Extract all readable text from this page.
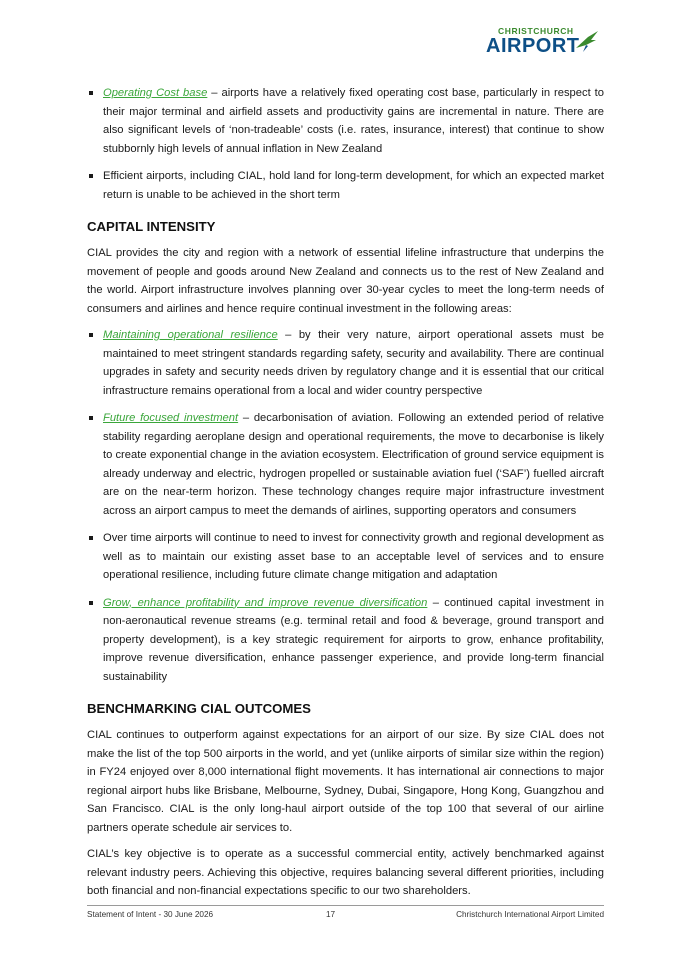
CHRISTCHURCH
AIRPORT
Operating Cost base – airports have a relatively fixed operating cost base, particularly in respect to their major terminal and airfield assets and productivity gains are incremental in nature. There are also significant levels of ‘non-tradeable’ costs (i.e. rates, insurance, interest) that continue to show stubbornly high levels of annual inflation in New Zealand
Efficient airports, including CIAL, hold land for long-term development, for which an expected market return is unable to be achieved in the short term
CAPITAL INTENSITY

CIAL provides the city and region with a network of essential lifeline infrastructure that underpins the movement of people and goods around New Zealand and connects us to the rest of New Zealand and the world. Airport infrastructure involves planning over 30-year cycles to meet the long-term needs of consumers and airlines and hence require continual investment in the following areas:

Maintaining operational resilience – by their very nature, airport operational assets must be maintained to meet stringent standards regarding safety, security and availability. There are continual upgrades in safety and security needs driven by regulatory change and it is essential that our critical infrastructure remains operational from a local and wider country perspective
Future focused investment – decarbonisation of aviation. Following an extended period of relative stability regarding aeroplane design and operational requirements, the move to decarbonise is likely to create exponential change in the aviation ecosystem. Electrification of ground service equipment is already underway and electric, hydrogen propelled or sustainable aviation fuel (‘SAF’) fuelled aircraft are on the near-term horizon. These technology changes require major infrastructure investment across an airport campus to meet the demands of airlines, supporting operators and consumers
Over time airports will continue to need to invest for connectivity growth and regional development as well as to maintain our existing asset base to an acceptable level of services and to ensure operational resilience, including future climate change mitigation and adaptation
Grow, enhance profitability and improve revenue diversification – continued capital investment in non-aeronautical revenue streams (e.g. terminal retail and food & beverage, ground transport and property development), is a key strategic requirement for airports to grow, enhance profitability, improve revenue diversification, enhance passenger experience, and provide long-term financial sustainability
BENCHMARKING CIAL OUTCOMES

CIAL continues to outperform against expectations for an airport of our size. By size CIAL does not make the list of the top 500 airports in the world, and yet (unlike airports of similar size within the region) in FY24 enjoyed over 8,000 international flight movements. It has international air connections to major regional airport hubs like Brisbane, Melbourne, Sydney, Dubai, Singapore, Hong Kong, Guangzhou and San Francisco. CIAL is the only long-haul airport outside of the top 100 that several of our airline partners operate schedule air services to.

CIAL’s key objective is to operate as a successful commercial entity, actively benchmarked against relevant industry peers. Achieving this objective, requires balancing several different priorities, including both financial and non-financial expectations specific to our two shareholders.

Statement of Intent - 30 June 2026	17	Christchurch International Airport Limited
